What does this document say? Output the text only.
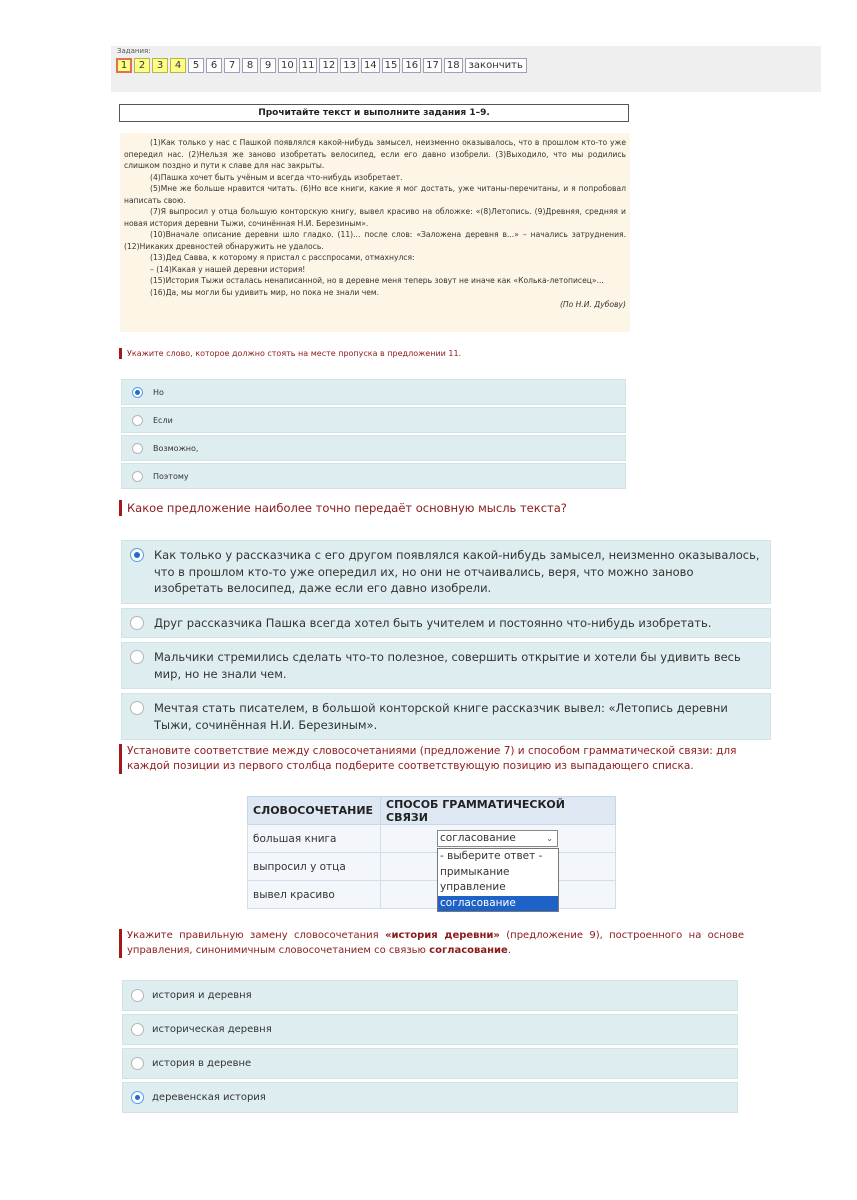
Задания:
1	2	3	4	5	6	7	8	9 10 11 12 13 14 15 16 17 18 закончить
Прочитайте текст и выполните задания 1–9.

(1)Как только у нас с Пашкой появлялся какой-нибудь замысел, неизменно оказывалось, что в прошлом кто-то уже опередил нас. (2)Нельзя же заново изобретать велосипед, если его давно изобрели. (3)Выходило, что мы родились слишком поздно и пути к славе для нас закрыты.

(4)Пашка хочет быть учёным и всегда что-нибудь изобретает.

(5)Мне же больше нравится читать. (6)Но все книги, какие я мог достать, уже читаны-перечитаны, и я попробовал написать свою.

(7)Я выпросил у отца большую конторскую книгу, вывел красиво на обложке: «(8)Летопись. (9)Древняя, средняя и новая история деревни Тыжи, сочинённая Н.И. Березиным».

(10)Вначале описание деревни шло гладко. (11)... после слов: «Заложена деревня в...» – начались затруднения. (12)Никаких древностей обнаружить не удалось.

(13)Дед Савва, к которому я пристал с расспросами, отмахнулся:

– (14)Какая у нашей деревни история!

(15)История Тыжи осталась ненаписанной, но в деревне меня теперь зовут не иначе как «Колька-летописец»...

(16)Да, мы могли бы удивить мир, но пока не знали чем.

(По Н.И. Дубову)
Укажите слово, которое должно стоять на месте пропуска в предложении 11.
Но
Если
Возможно,
Поэтому
Какое предложение наиболее точно передаёт основную мысль текста?
Как только у рассказчика с его другом появлялся какой-нибудь замысел, неизменно оказывалось, что в прошлом кто-то уже опередил их, но они не отчаивались, веря, что можно заново изобретать велосипед, даже если его давно изобрели.
Друг рассказчика Пашка всегда хотел быть учителем и постоянно что-нибудь изобретать.
Мальчики стремились сделать что-то полезное, совершить открытие и хотели бы удивить весь мир, но не знали чем.
Мечтая стать писателем, в большой конторской книге рассказчик вывел: «Летопись деревни Тыжи, сочинённая Н.И. Березиным».
Установите соответствие между словосочетаниями (предложение 7) и способом грамматической связи: для каждой позиции из первого столбца подберите соответствующую позицию из выпадающего списка.
СЛОВОСОЧЕТАНИЕ	СПОСОБ ГРАММАТИЧЕСКОЙ СВЯЗИ
большая книга	согласование ⌄

выпросил у отца	
вывел красиво	
- выберите ответ -
примыкание
управление
согласование
Укажите правильную замену словосочетания «история деревни» (предложение 9), построенного на основе управления, синонимичным словосочетанием со связью согласование.
история и деревня
историческая деревня
история в деревне
деревенская история
